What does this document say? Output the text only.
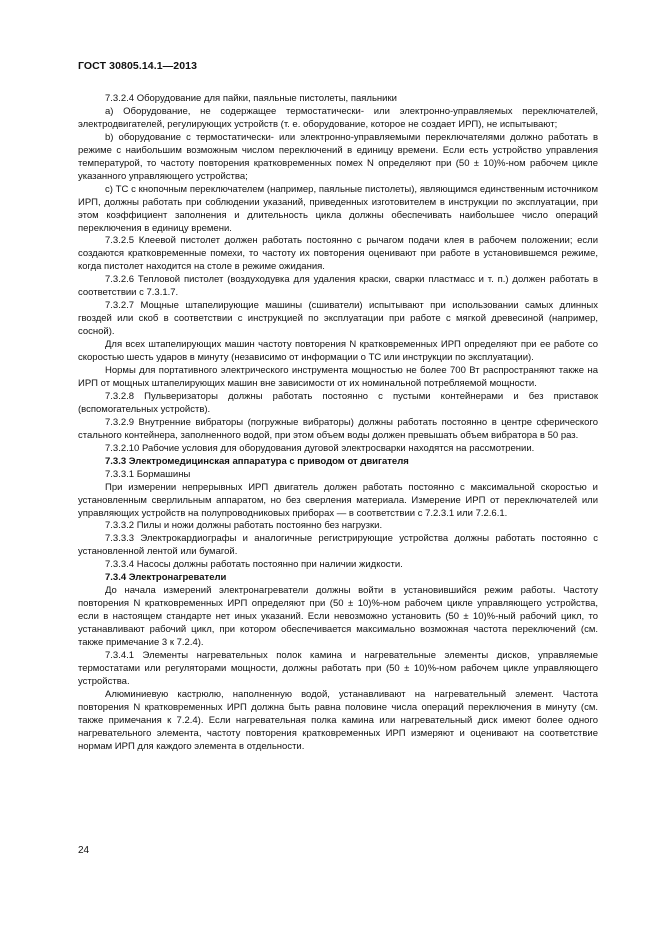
ГОСТ 30805.14.1—2013

7.3.2.4 Оборудование для пайки, паяльные пистолеты, паяльники

а) Оборудование, не содержащее термостатически- или электронно-управляемых переключателей, электродвигателей, регулирующих устройств (т. е. оборудование, которое не создает ИРП), не испытывают;

b) оборудование с термостатически- или электронно-управляемыми переключателями должно работать в режиме с наибольшим возможным числом переключений в единицу времени. Если есть устройство управления температурой, то частоту повторения кратковременных помех N определяют при (50 ± 10)%-ном рабочем цикле указанного управляющего устройства;

с) ТС с кнопочным переключателем (например, паяльные пистолеты), являющимся единственным источником ИРП, должны работать при соблюдении указаний, приведенных изготовителем в инструкции по эксплуатации, при этом коэффициент заполнения и длительность цикла должны обеспечивать наибольшее число операций переключения в единицу времени.

7.3.2.5 Клеевой пистолет должен работать постоянно с рычагом подачи клея в рабочем положении; если создаются кратковременные помехи, то частоту их повторения оценивают при работе в установившемся режиме, когда пистолет находится на столе в режиме ожидания.

7.3.2.6 Тепловой пистолет (воздуходувка для удаления краски, сварки пластмасс и т. п.) должен работать в соответствии с 7.3.1.7.

7.3.2.7 Мощные штапелирующие машины (сшиватели) испытывают при использовании самых длинных гвоздей или скоб в соответствии с инструкцией по эксплуатации при работе с мягкой древесиной (например, сосной).

Для всех штапелирующих машин частоту повторения N кратковременных ИРП определяют при ее работе со скоростью шесть ударов в минуту (независимо от информации о ТС или инструкции по эксплуатации).

Нормы для портативного электрического инструмента мощностью не более 700 Вт распространяют также на ИРП от мощных штапелирующих машин вне зависимости от их номинальной потребляемой мощности.

7.3.2.8 Пульверизаторы должны работать постоянно с пустыми контейнерами и без приставок (вспомогательных устройств).

7.3.2.9 Внутренние вибраторы (погружные вибраторы) должны работать постоянно в центре сферического стального контейнера, заполненного водой, при этом объем воды должен превышать объем вибратора в 50 раз.

7.3.2.10 Рабочие условия для оборудования дуговой электросварки находятся на рассмотрении.

7.3.3 Электромедицинская аппаратура с приводом от двигателя

7.3.3.1 Бормашины

При измерении непрерывных ИРП двигатель должен работать постоянно с максимальной скоростью и установленным сверлильным аппаратом, но без сверления материала. Измерение ИРП от переключателей или управляющих устройств на полупроводниковых приборах — в соответствии с 7.2.3.1 или 7.2.6.1.

7.3.3.2 Пилы и ножи должны работать постоянно без нагрузки.

7.3.3.3 Электрокардиографы и аналогичные регистрирующие устройства должны работать постоянно с установленной лентой или бумагой.

7.3.3.4 Насосы должны работать постоянно при наличии жидкости.

7.3.4 Электронагреватели

До начала измерений электронагреватели должны войти в установившийся режим работы. Частоту повторения N кратковременных ИРП определяют при (50 ± 10)%-ном рабочем цикле управляющего устройства, если в настоящем стандарте нет иных указаний. Если невозможно установить (50 ± 10)%-ный рабочий цикл, то устанавливают рабочий цикл, при котором обеспечивается максимально возможная частота переключений (см. также примечание 3 к 7.2.4).

7.3.4.1 Элементы нагревательных полок камина и нагревательные элементы дисков, управляемые термостатами или регуляторами мощности, должны работать при (50 ± 10)%-ном рабочем цикле управляющего устройства.

Алюминиевую кастрюлю, наполненную водой, устанавливают на нагревательный элемент. Частота повторения N кратковременных ИРП должна быть равна половине числа операций переключения в минуту (см. также примечания к 7.2.4). Если нагревательная полка камина или нагревательный диск имеют более одного нагревательного элемента, частоту повторения кратковременных ИРП измеряют и оценивают на соответствие нормам ИРП для каждого элемента в отдельности.

24
